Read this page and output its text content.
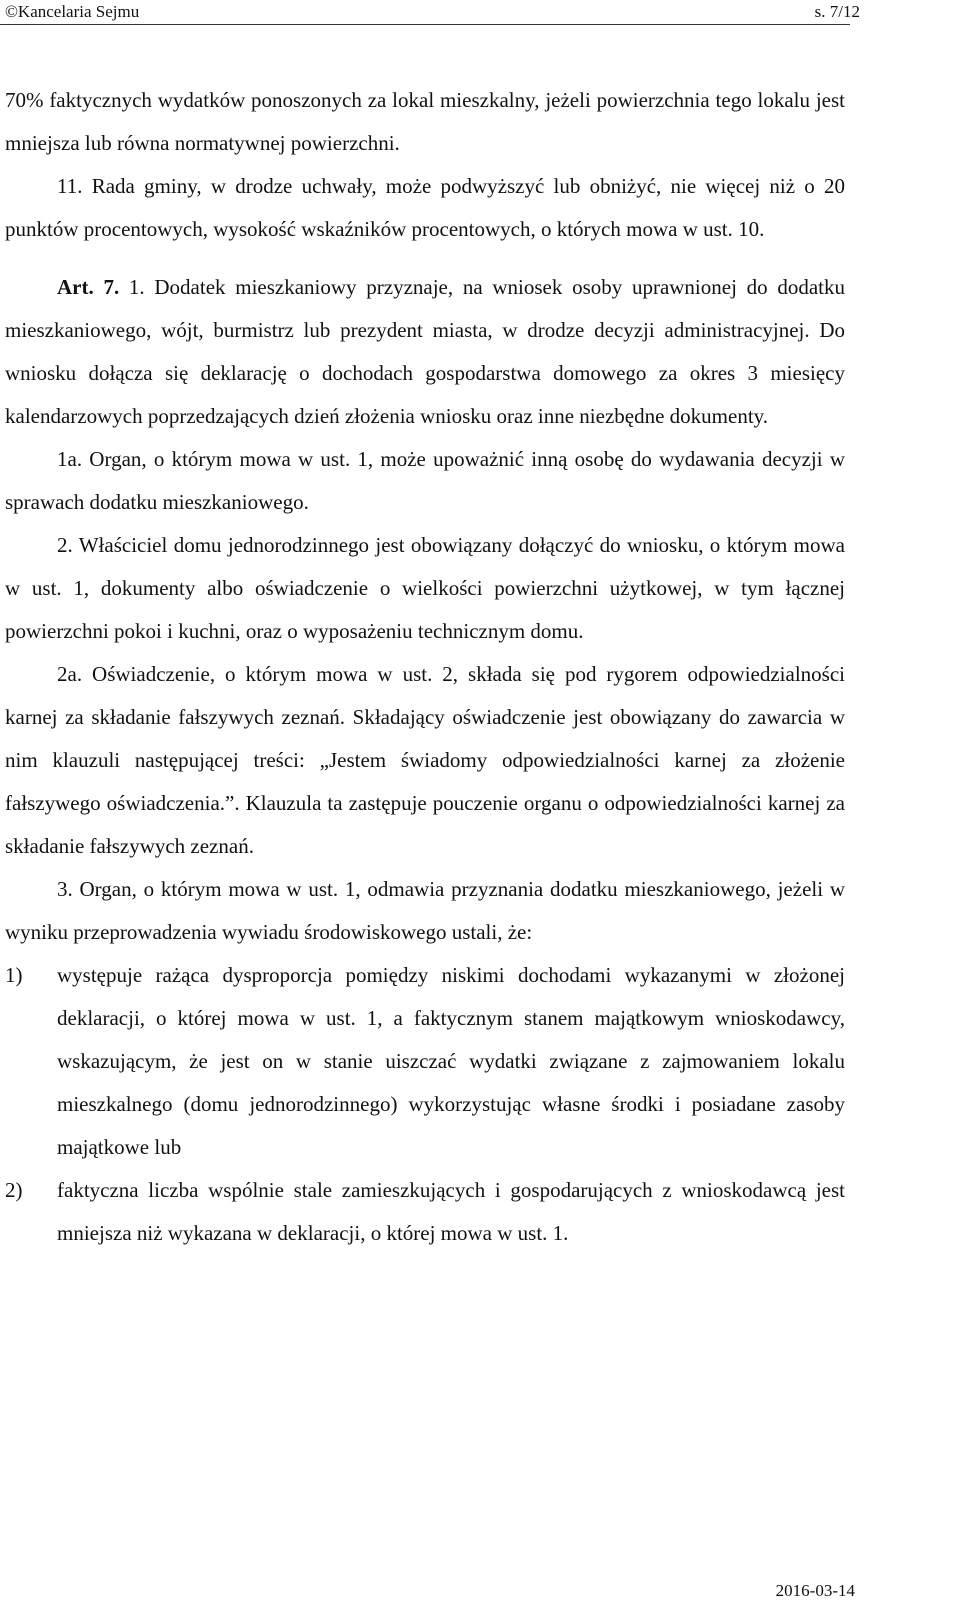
©Kancelaria Sejmu	s. 7/12

70% faktycznych wydatków ponoszonych za lokal mieszkalny, jeżeli powierzchnia tego lokalu jest mniejsza lub równa normatywnej powierzchni.

11. Rada gminy, w drodze uchwały, może podwyższyć lub obniżyć, nie więcej niż o 20 punktów procentowych, wysokość wskaźników procentowych, o których mowa w ust. 10.

Art. 7. 1. Dodatek mieszkaniowy przyznaje, na wniosek osoby uprawnionej do dodatku mieszkaniowego, wójt, burmistrz lub prezydent miasta, w drodze decyzji administracyjnej. Do wniosku dołącza się deklarację o dochodach gospodarstwa domowego za okres 3 miesięcy kalendarzowych poprzedzających dzień złożenia wniosku oraz inne niezbędne dokumenty.

1a. Organ, o którym mowa w ust. 1, może upoważnić inną osobę do wydawania decyzji w sprawach dodatku mieszkaniowego.

2. Właściciel domu jednorodzinnego jest obowiązany dołączyć do wniosku, o którym mowa w ust. 1, dokumenty albo oświadczenie o wielkości powierzchni użytkowej, w tym łącznej powierzchni pokoi i kuchni, oraz o wyposażeniu technicznym domu.

2a. Oświadczenie, o którym mowa w ust. 2, składa się pod rygorem odpowiedzialności karnej za składanie fałszywych zeznań. Składający oświadczenie jest obowiązany do zawarcia w nim klauzuli następującej treści: „Jestem świadomy odpowiedzialności karnej za złożenie fałszywego oświadczenia.”. Klauzula ta zastępuje pouczenie organu o odpowiedzialności karnej za składanie fałszywych zeznań.

3. Organ, o którym mowa w ust. 1, odmawia przyznania dodatku mieszkaniowego, jeżeli w wyniku przeprowadzenia wywiadu środowiskowego ustali, że:

1) występuje rażąca dysproporcja pomiędzy niskimi dochodami wykazanymi w złożonej deklaracji, o której mowa w ust. 1, a faktycznym stanem majątkowym wnioskodawcy, wskazującym, że jest on w stanie uiszczać wydatki związane z zajmowaniem lokalu mieszkalnego (domu jednorodzinnego) wykorzystując własne środki i posiadane zasoby majątkowe lub

2) faktyczna liczba wspólnie stale zamieszkujących i gospodarujących z wnioskodawcą jest mniejsza niż wykazana w deklaracji, o której mowa w ust. 1.

2016-03-14
